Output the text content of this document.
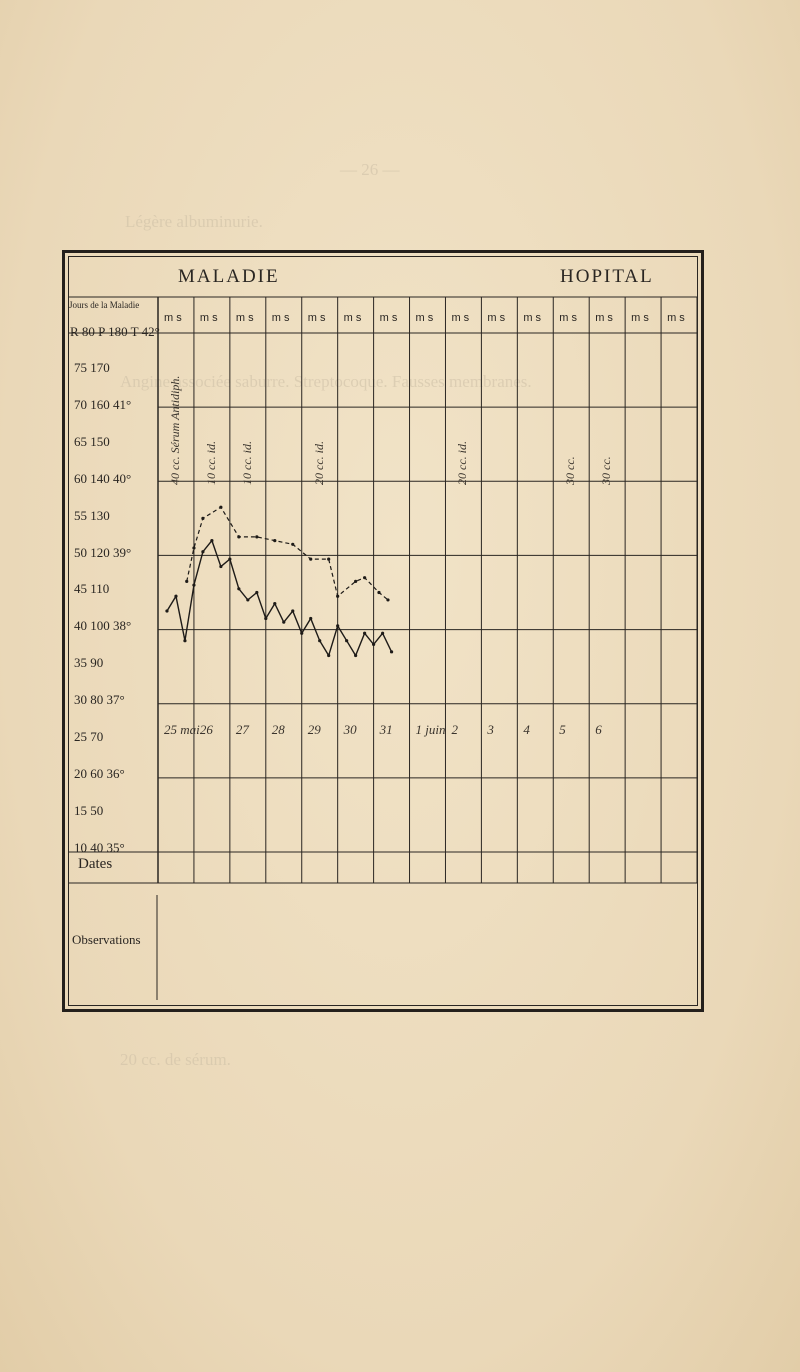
— 26 —
Légère albuminurie.
Angine associée saburre. Streptocoque. Fausses membranes.
20 cc. de sérum.
MALADIE	HOPITAL
Jours de la Maladie
R 80 P 180 T 42°
75 170
70 160 41°
65 150
60 140 40°
55 130
50 120 39°
45 110
40 100 38°
35 90
30 80 37°
25 70
20 60 36°
15 50
10 40 35°
m s m s m s m s m s m s m s m s m s m s m s m s m s m s m s
25 mai 26 27 28 29 30 31 1 juin 2 3 4 5 6
40 cc. Sérum Antidiph. 10 cc. id. 10 cc. id.	20 cc. id.	20 cc. id.	30 cc. 30 cc.
Dates
Observations
